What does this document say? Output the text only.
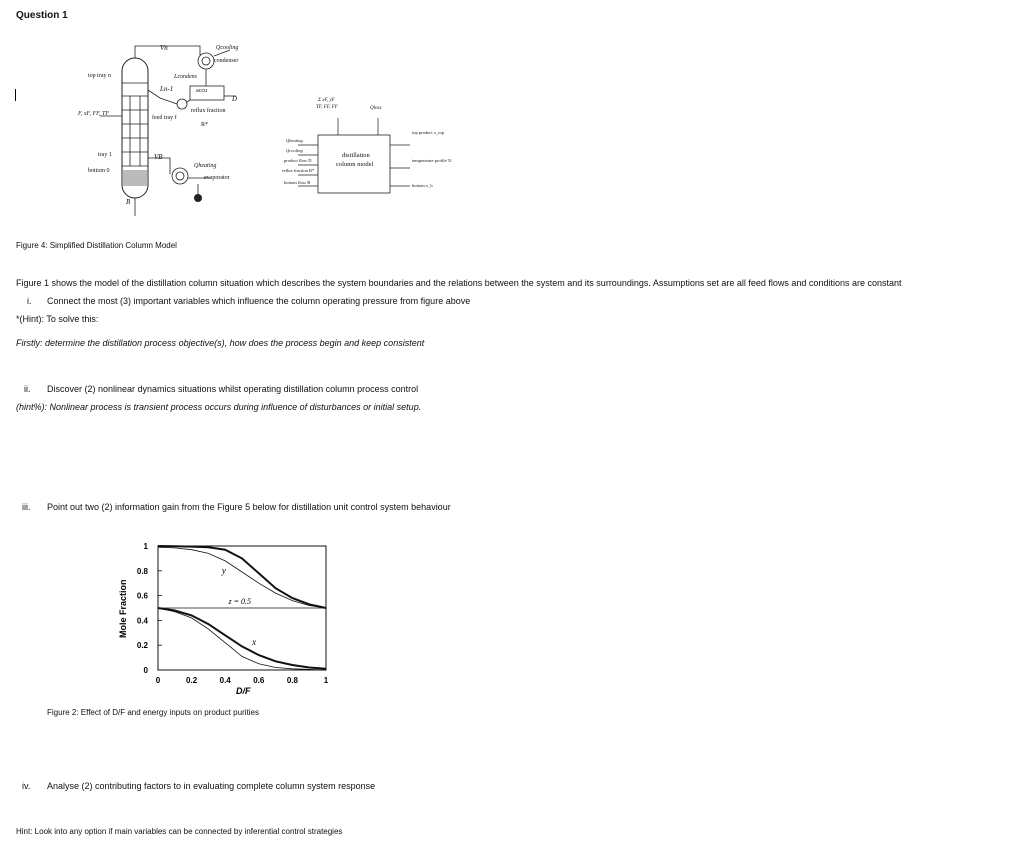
Question 1
top tray n
F, xF, FF, TF
tray 1
bottom 0
condenser
accu
reflux fraction
R*
feed tray f
evaporator
D
B
Vn
VB
Ln-1
Lcondens
Qcooling
Qheating
distillation
column model
Σ xF, yF
TF, FF, FF	Qloss
Qheating
Qcooling
product flow D
reflux fraction R*
bottom flow B
top product x_top
temperature profile Ti
bottom x_b
Figure 4: Simplified Distillation Column Model
Figure 1 shows the model of the distillation column situation which describes the system boundaries and the relations between the system and its surroundings. Assumptions set are all feed flows and conditions are constant
i. Connect the most (3) important variables which influence the column operating pressure from figure above
*(Hint): To solve this:
Firstly: determine the distillation process objective(s), how does the process begin and keep consistent
ii. Discover (2) nonlinear dynamics situations whilst operating distillation column process control
(hint%): Nonlinear process is transient process occurs during influence of disturbances or initial setup.
iii. Point out two (2) information gain from the Figure 5 below for distillation unit control system behaviour
0
0.2
0.4
0.6
0.8
1
0	0.2	0.4	0.6	0.8	1
z = 0.5
y
x
Mole Fraction
D/F
Figure 2: Effect of D/F and energy inputs on product purities
iv. Analyse (2) contributing factors to in evaluating complete column system response
Hint: Look into any option if main variables can be connected by inferential control strategies
